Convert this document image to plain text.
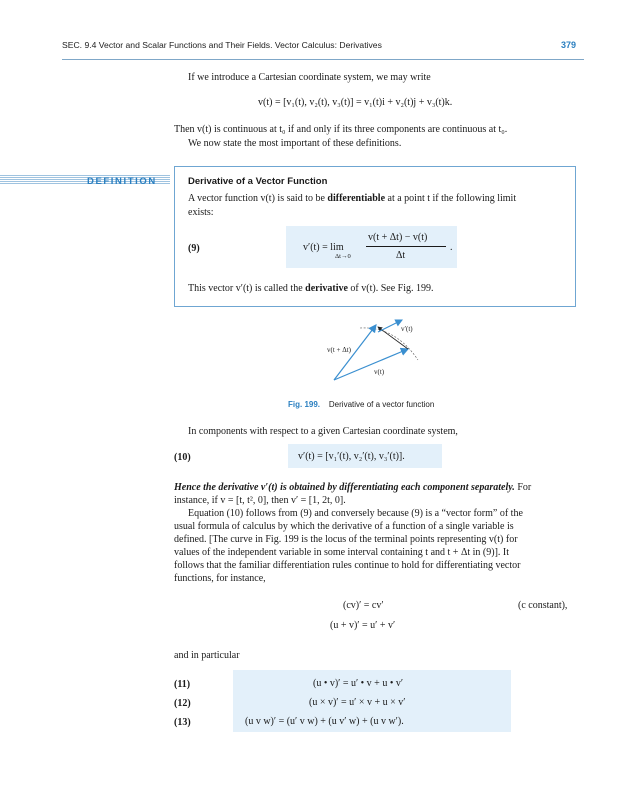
SEC. 9.4 Vector and Scalar Functions and Their Fields. Vector Calculus: Derivatives	379
If we introduce a Cartesian coordinate system, we may write
v(t) = [v₁(t), v₂(t), v₃(t)] = v₁(t)i + v₂(t)j + v₃(t)k.
Then v(t) is continuous at t₀ if and only if its three components are continuous at t₀.
We now state the most important of these definitions.
DEFINITION	Derivative of a Vector Function
A vector function v(t) is said to be differentiable at a point t if the following limit
exists:
(9)	v′(t) = lim
Δt→0
v(t + Δt) − v(t)
Δt
.
This vector v′(t) is called the derivative of v(t). See Fig. 199.
v′(t)
v(t + Δt)
v(t)
Fig. 199. Derivative of a vector function
In components with respect to a given Cartesian coordinate system,
(10)	v′(t) = [v₁′(t), v₂′(t), v₃′(t)].
Hence the derivative v′(t) is obtained by differentiating each component separately. For
instance, if v = [t, t², 0], then v′ = [1, 2t, 0].
Equation (10) follows from (9) and conversely because (9) is a “vector form” of the
usual formula of calculus by which the derivative of a function of a single variable is
defined. [The curve in Fig. 199 is the locus of the terminal points representing v(t) for
values of the independent variable in some interval containing t and t + Δt in (9)]. It
follows that the familiar differentiation rules continue to hold for differentiating vector
functions, for instance,
(cv)′ = cv′	(c constant),
(u + v)′ = u′ + v′
and in particular
(11)	(u • v)′ = u′ • v + u • v′
(12)	(u × v)′ = u′ × v + u × v′
(13)	(u v w)′ = (u′ v w) + (u v′ w) + (u v w′).
